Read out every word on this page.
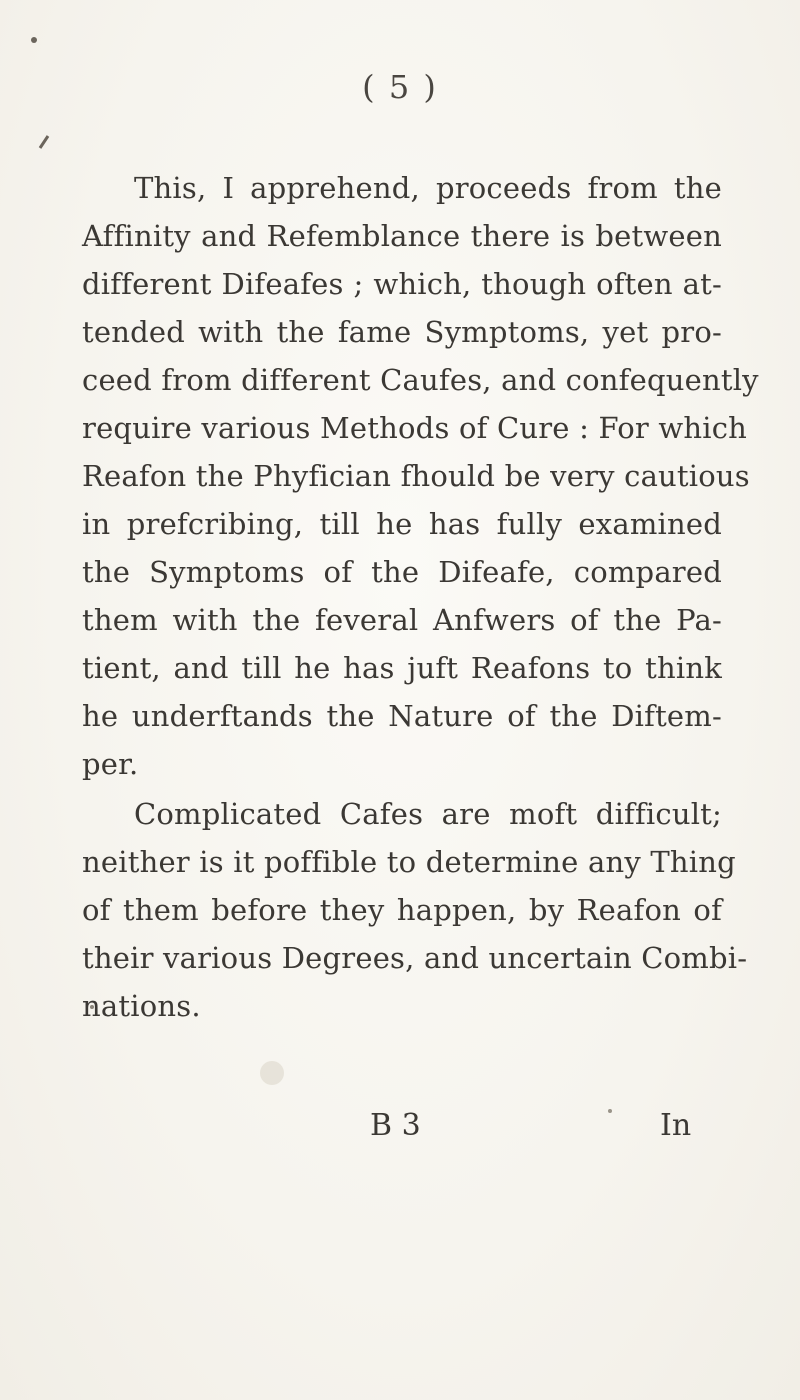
( 5 )
This, I apprehend, proceeds from the
Affinity and Refemblance there is between
different Difeafes ; which, though often at-
tended with the fame Symptoms, yet pro-
ceed from different Caufes, and confequently
require various Methods of Cure : For which
Reafon the Phyfician fhould be very cautious
in prefcribing, till he has fully examined
the Symptoms of the Difeafe, compared
them with the feveral Anfwers of the Pa-
tient, and till he has juft Reafons to think
he underftands the Nature of the Diftem-
per.
Complicated Cafes are moft difficult;
neither is it poffible to determine any Thing
of them before they happen, by Reafon of
their various Degrees, and uncertain Combi-
nations.
B 3	In
